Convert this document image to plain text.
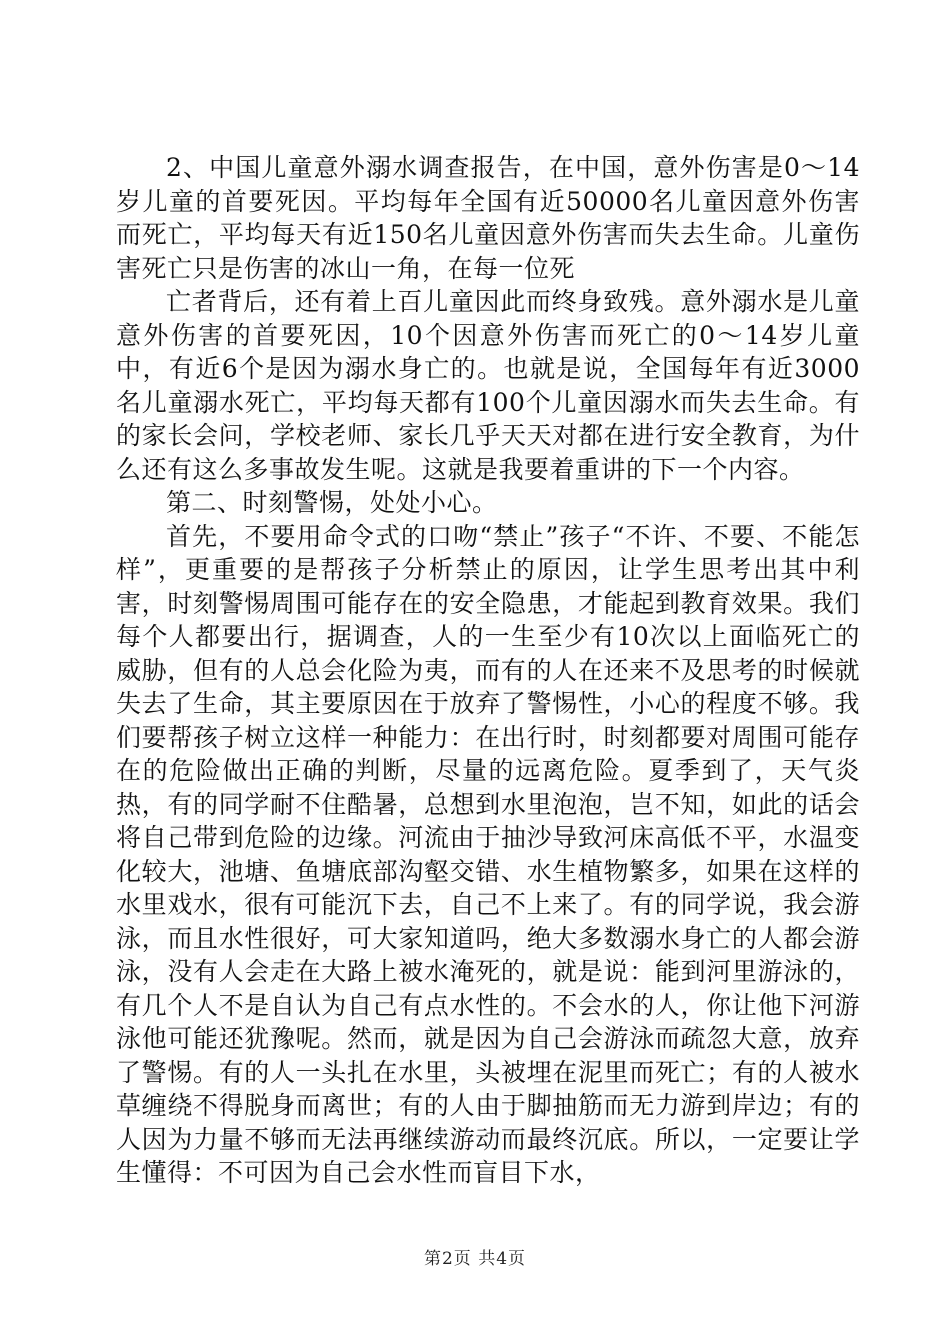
2、中国儿童意外溺水调查报告，在中国，意外伤害是0～14岁儿童的首要死因。平均每年全国有近50000名儿童因意外伤害而死亡，平均每天有近150名儿童因意外伤害而失去生命。儿童伤害死亡只是伤害的冰山一角，在每一位死

亡者背后，还有着上百儿童因此而终身致残。意外溺水是儿童意外伤害的首要死因，10个因意外伤害而死亡的0～14岁儿童中，有近6个是因为溺水身亡的。也就是说，全国每年有近3000名儿童溺水死亡，平均每天都有100个儿童因溺水而失去生命。有的家长会问，学校老师、家长几乎天天对都在进行安全教育，为什么还有这么多事故发生呢。这就是我要着重讲的下一个内容。

第二、时刻警惕，处处小心。

首先，不要用命令式的口吻“禁止”孩子“不许、不要、不能怎样”，更重要的是帮孩子分析禁止的原因，让学生思考出其中利害，时刻警惕周围可能存在的安全隐患，才能起到教育效果。我们每个人都要出行，据调查，人的一生至少有10次以上面临死亡的威胁，但有的人总会化险为夷，而有的人在还来不及思考的时候就失去了生命，其主要原因在于放弃了警惕性，小心的程度不够。我们要帮孩子树立这样一种能力：在出行时，时刻都要对周围可能存在的危险做出正确的判断，尽量的远离危险。夏季到了，天气炎热，有的同学耐不住酷暑，总想到水里泡泡，岂不知，如此的话会将自己带到危险的边缘。河流由于抽沙导致河床高低不平，水温变化较大，池塘、鱼塘底部沟壑交错、水生植物繁多，如果在这样的水里戏水，很有可能沉下去，自己不上来了。有的同学说，我会游泳，而且水性很好，可大家知道吗，绝大多数溺水身亡的人都会游泳，没有人会走在大路上被水淹死的，就是说：能到河里游泳的，有几个人不是自认为自己有点水性的。不会水的人，你让他下河游泳他可能还犹豫呢。然而，就是因为自己会游泳而疏忽大意，放弃了警惕。有的人一头扎在水里，头被埋在泥里而死亡；有的人被水草缠绕不得脱身而离世；有的人由于脚抽筋而无力游到岸边；有的人因为力量不够而无法再继续游动而最终沉底。所以，一定要让学生懂得：不可因为自己会水性而盲目下水，

第2页 共4页
